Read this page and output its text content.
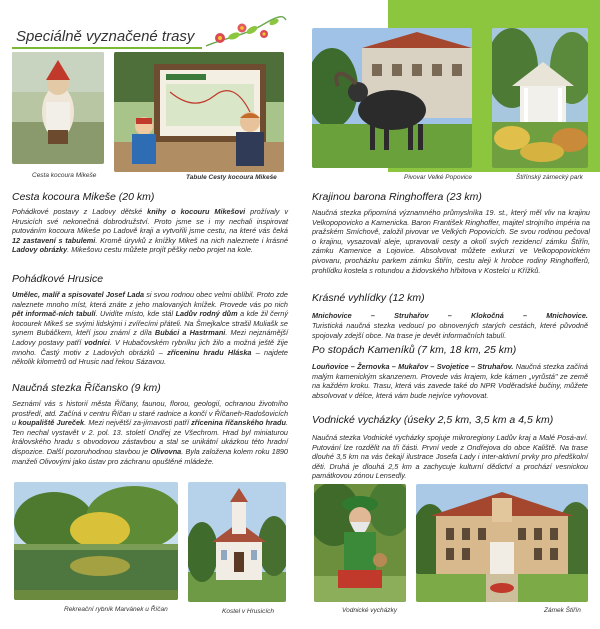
Speciálně vyznačené trasy
Cesta kocoura Mikeše	Tabule Cesty kocoura Mikeše
Cesta kocoura Mikeše (20 km)
Pohádkové postavy z Ladovy dětské knihy o kocouru Mikešovi prožívaly v Hrusicích své nekonečná dobrodružství. Proto jsme se i my nechali inspirovat putováním kocoura Mikeše po Ladově kraji a vytvořili jsme cestu, na které vás čeká 12 zastavení s tabulemi. Kromě úryvků z knížky Mikeš na nich naleznete i krásné Ladovy obrázky. Mikešovu cestu můžete projít pěšky nebo projet na kole.
Pohádkové Hrusice
Umělec, malíř a spisovatel Josef Lada si svou rodnou obec velmi oblíbil. Proto zde naleznete mnoho míst, která znáte z jeho malovaných knížek. Provede vás po nich pět informač-ních tabulí. Uvidíte místo, kde stál Ladův rodný dům a kde žil černý kocourek Mikeš se svými lidskými i zvířecími přáteli. Na Šmejkalce strašil Muliašk se synem Bubáčkem, kteří jsou známí z díla Bubáci a Hastrmani. Mezi nejznámější Ladovy postavy patří vodníci. V Hubačovském rybníku jich žilo a možná ještě žije mnoho. Častý motiv z Ladových obrázků – zříceninu hradu Hláska – najdete několik kilometrů od Hrusic nad řekou Sázavou.
Naučná stezka Říčansko (9 km)
Seznámí vás s historií města Říčany, faunou, florou, geologií, ochranou životního prostředí, atd. Začíná v centru Říčan u staré radnice a končí v Říčaneh-Radošovicích u koupaliště Jureček. Mezi největší za-jímavosti patří zřícenina říčanského hradu. Ten nechal vystavět v 2. pol. 13. století Ondřej ze Všechrom. Hrad byl miniaturou královského hradu s obvodovou zástavbou a stal se unikátní ukázkou této hradní dispozice. Další pozoruhodnou stavbou je Olivovna. Byla založena kolem roku 1890 manželi Olivovými jako ústav pro záchranu opuštěné mládeže.
Rekreační rybník Marvánek u Říčan	Kostel v Hrusicích
Pivovar Velké Popovice	Štiřínský zámecký park
Krajinou barona Ringhoffera (23 km)
Naučná stezka připomíná významného průmyslníka 19. st., který měl vliv na krajinu Velkopopovicko a Kamenicka. Baron František Ringhoffer, majitel strojního impéria na pražském Smíchově, založil pivovar ve Velkých Popovicích. Se svou rodinou pečoval o krajinu, vysazovali aleje, upravovali cesty a okolí svých rezidencí zámku Štiřín, zámku Kamenice a Lojovice. Absolvovat můžete exkurzi ve Velkopopovickém pivovaru, procházku parkem zámku Štiřín, cestu aleji k hrobce rodiny Ringhofferů, prohlídku kostela s rotundou a židovského hřbitova v Kostelci u Křížků.
Krásné vyhlídky (12 km)
Mnichovice	–	Struhařov	–	Klokočná	–	Mnichovice.
Turistická naučná stezka vedoucí po obnovených starých cestách, které původně spojovaly zdejší obce. Na trase je devět informačních tabulí.
Po stopách Kameníků (7 km, 18 km, 25 km)
Louňovice – Žernovka – Mukařov – Svojetice – Struhařov. Naučná stezka začíná malým kamenickým skanzenem. Provede vás krajem, kde kámen „vyrůstá" ze země na každém kroku. Trasu, která vás zavede také do NPR Voděradské bučiny, můžete absolvovat v délce, která vám bude nejvíce vyhovovat.
Vodnické vycházky (úseky 2,5 km, 3,5 km a 4,5 km)
Naučná stezka Vodnické vycházky spojuje mikroregiony Ladův kraj a Malé Posá-aví. Putování lze rozdělit na tři části. První vede z Ondřejova do obce Kaliště. Na trase dlouhé 3,5 km na vás čekají ilustrace Josefa Lady i inter-aktivní prvky pro předškolní děti. Druhá je dlouhá 2,5 km a zachycuje kulturní dědictví a prochází vesnickou památkovou zónou Lensedly.
Vodnické vycházky	Zámek Štiřín
